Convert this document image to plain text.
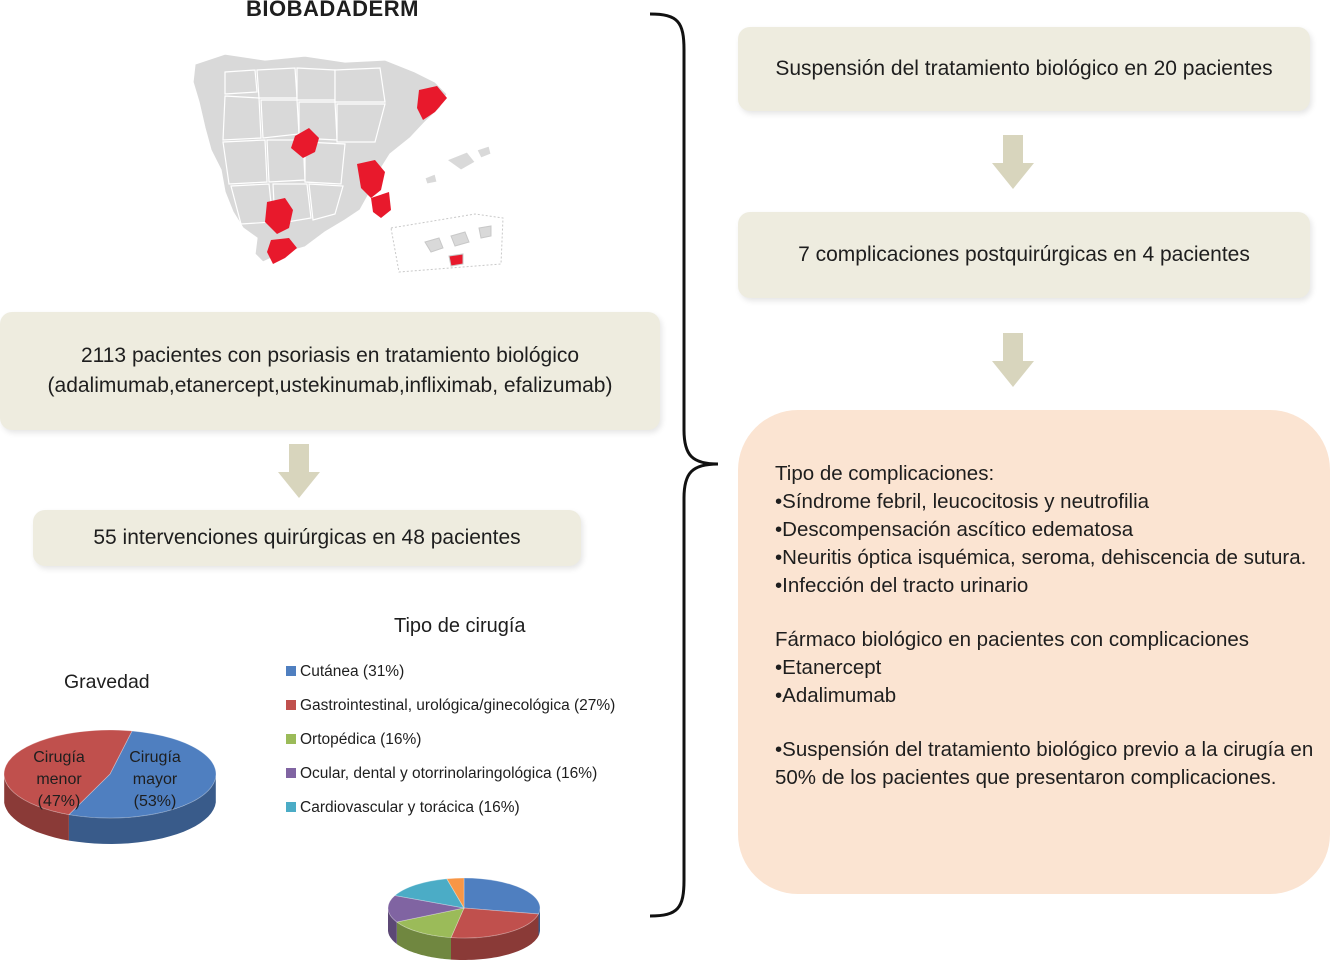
BIOBADADERM
2113 pacientes con psoriasis en tratamiento biológico
(adalimumab,etanercept,ustekinumab,infliximab, efalizumab)
55 intervenciones quirúrgicas en 48 pacientes
Suspensión del tratamiento biológico en 20 pacientes
7 complicaciones postquirúrgicas en 4 pacientes
Tipo de complicaciones:
•Síndrome febril, leucocitosis y neutrofilia
•Descompensación ascítico edematosa
•Neuritis óptica isquémica, seroma, dehiscencia de sutura.
•Infección del tracto urinario
Fármaco biológico en pacientes con complicaciones
•Etanercept
•Adalimumab
•Suspensión del tratamiento biológico previo a la cirugía en 50% de los pacientes que presentaron complicaciones.
Tipo de cirugía
Cutánea (31%)
Gastrointestinal, urológica/ginecológica (27%)
Ortopédica (16%)
Ocular, dental y otorrinolaringológica (16%)
Cardiovascular y torácica (16%)
Gravedad
Cirugía
mayor
(53%)
Cirugía
menor
(47%)
